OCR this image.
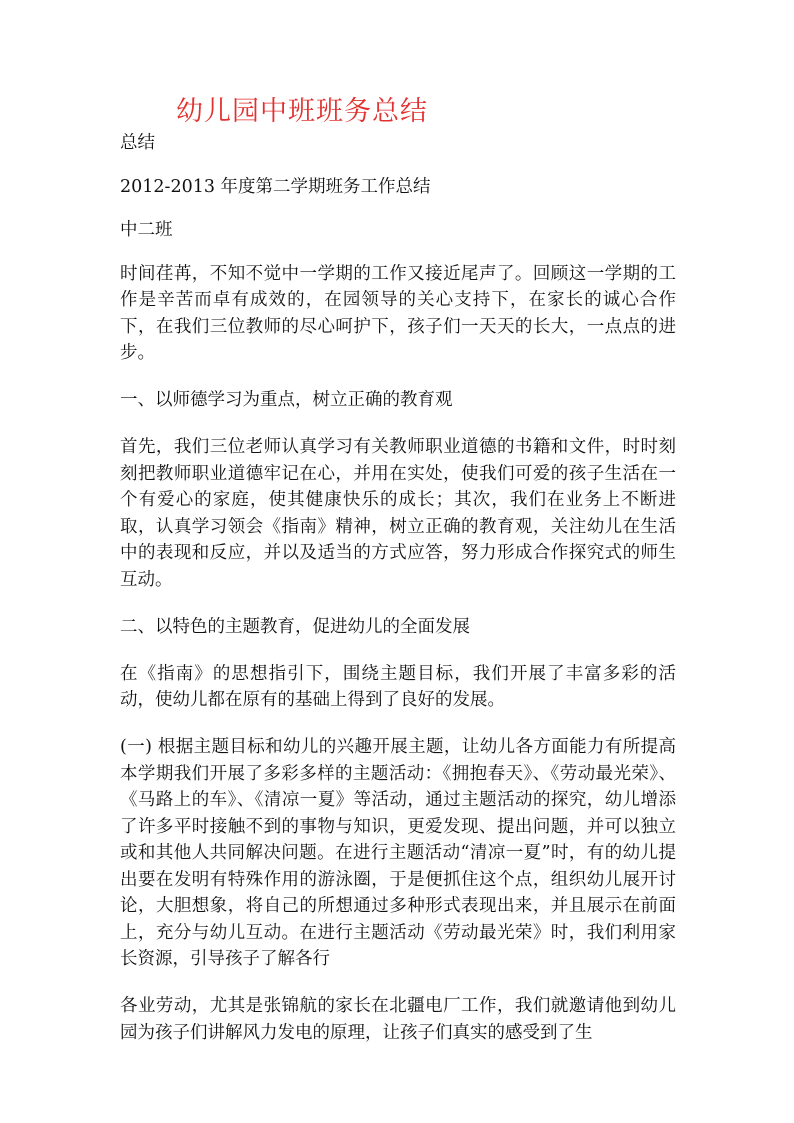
幼儿园中班班务总结

总结

2012-2013 年度第二学期班务工作总结

中二班

时间荏苒，不知不觉中一学期的工作又接近尾声了。回顾这一学期的工作是辛苦而卓有成效的，在园领导的关心支持下，在家长的诚心合作下，在我们三位教师的尽心呵护下，孩子们一天天的长大，一点点的进步。

一、以师德学习为重点，树立正确的教育观

首先，我们三位老师认真学习有关教师职业道德的书籍和文件，时时刻刻把教师职业道德牢记在心，并用在实处，使我们可爱的孩子生活在一个有爱心的家庭，使其健康快乐的成长；其次，我们在业务上不断进取，认真学习领会《指南》精神，树立正确的教育观，关注幼儿在生活中的表现和反应，并以及适当的方式应答，努力形成合作探究式的师生互动。

二、以特色的主题教育，促进幼儿的全面发展

在《指南》的思想指引下，围绕主题目标，我们开展了丰富多彩的活动，使幼儿都在原有的基础上得到了良好的发展。

(一) 根据主题目标和幼儿的兴趣开展主题，让幼儿各方面能力有所提高　　本学期我们开展了多彩多样的主题活动：《拥抱春天》、《劳动最光荣》、《马路上的车》、《清凉一夏》等活动，通过主题活动的探究，幼儿增添了许多平时接触不到的事物与知识，更爱发现、提出问题，并可以独立或和其他人共同解决问题。在进行主题活动“清凉一夏”时，有的幼儿提出要在发明有特殊作用的游泳圈，于是便抓住这个点，组织幼儿展开讨论，大胆想象，将自己的所想通过多种形式表现出来，并且展示在前面上，充分与幼儿互动。在进行主题活动《劳动最光荣》时，我们利用家长资源，引导孩子了解各行

各业劳动，尤其是张锦航的家长在北疆电厂工作，我们就邀请他到幼儿园为孩子们讲解风力发电的原理，让孩子们真实的感受到了生
